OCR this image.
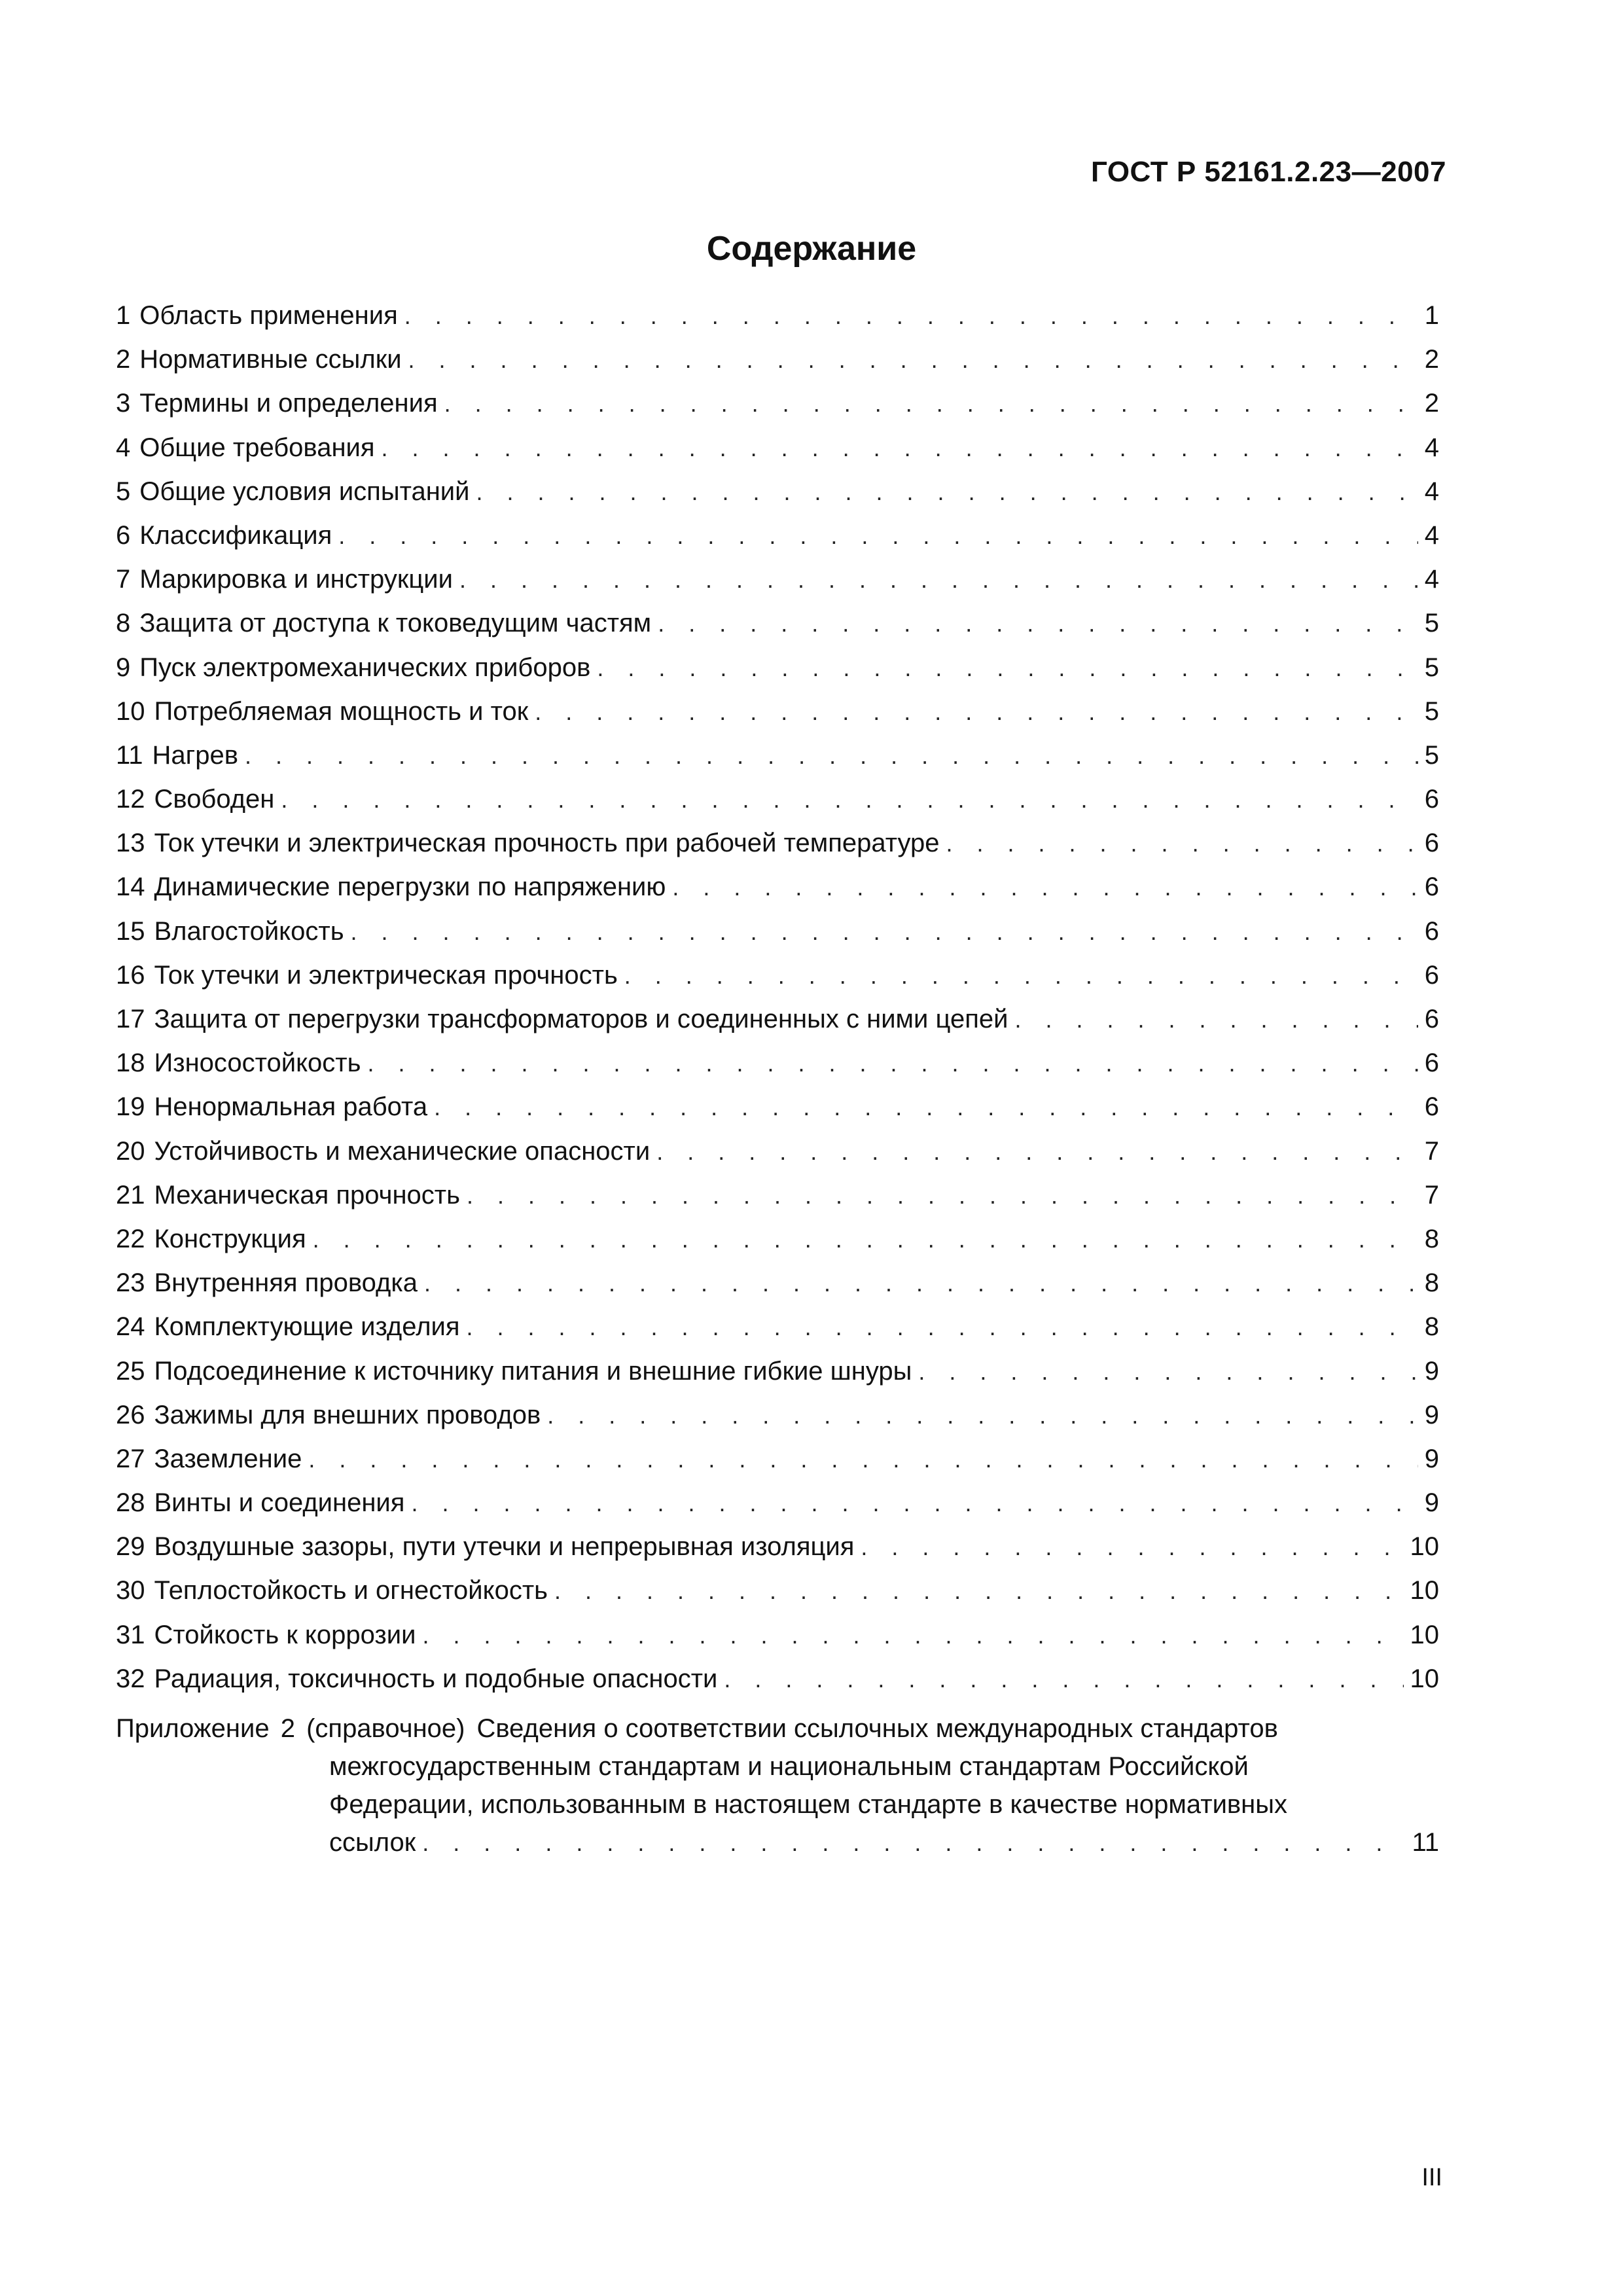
ГОСТ Р 52161.2.23—2007
Содержание
1 Область применения . . .	1
2 Нормативные ссылки . . .	2
3 Термины и определения . . .	2
4 Общие требования . . .	4
5 Общие условия испытаний . . .	4
6 Классификация . . .	4
7 Маркировка и инструкции . . .	4
8 Защита от доступа к токоведущим частям . . .	5
9 Пуск электромеханических приборов . . .	5
10 Потребляемая мощность и ток . . .	5
11 Нагрев . . .	5
12 Свободен . . .	6
13 Ток утечки и электрическая прочность при рабочей температуре . . .	6
14 Динамические перегрузки по напряжению . . .	6
15 Влагостойкость . . .	6
16 Ток утечки и электрическая прочность . . .	6
17 Защита от перегрузки трансформаторов и соединенных с ними цепей . . .	6
18 Износостойкость . . .	6
19 Ненормальная работа . . .	6
20 Устойчивость и механические опасности . . .	7
21 Механическая прочность . . .	7
22 Конструкция . . .	8
23 Внутренняя проводка . . .	8
24 Комплектующие изделия . . .	8
25 Подсоединение к источнику питания и внешние гибкие шнуры . . .	9
26 Зажимы для внешних проводов . . .	9
27 Заземление . . .	9
28 Винты и соединения . . .	9
29 Воздушные зазоры, пути утечки и непрерывная изоляция . . .	10
30 Теплостойкость и огнестойкость . . .	10
31 Стойкость к коррозии . . .	10
32 Радиация, токсичность и подобные опасности . . .	10
Приложение 2 (справочное) Сведения о соответствии ссылочных международных стандартов
межгосударственным стандартам и национальным стандартам Российской
Федерации, использованным в настоящем стандарте в качестве нормативных
ссылок . . .	11
III
